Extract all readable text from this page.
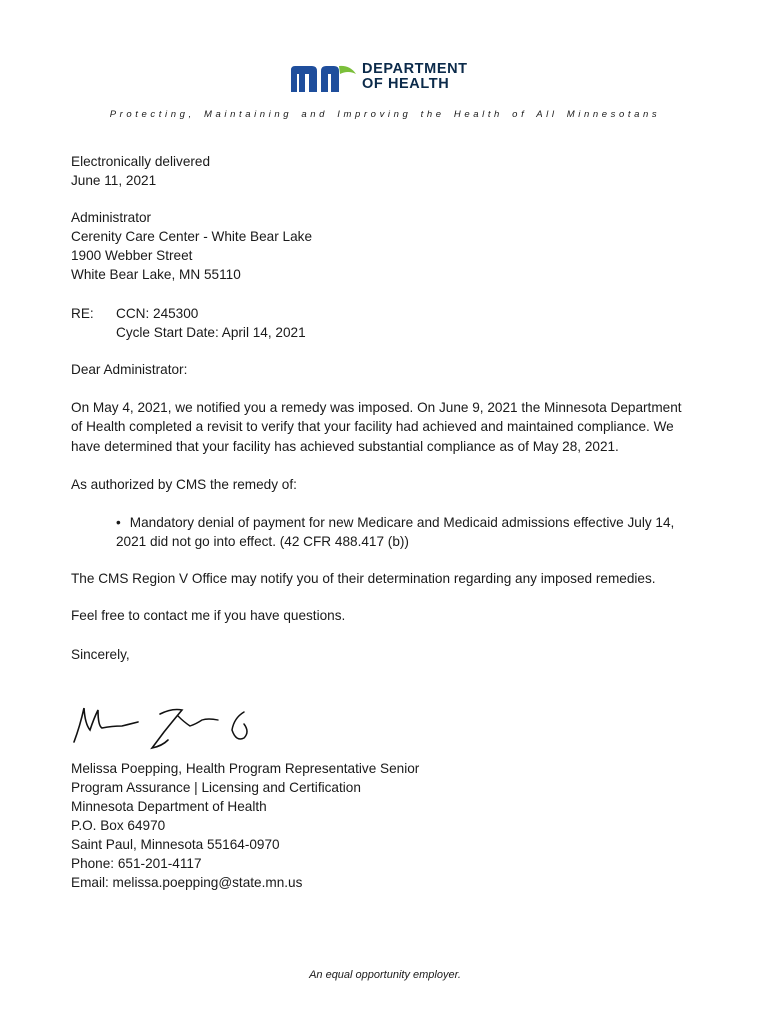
DEPARTMENT
OF HEALTH
Protecting, Maintaining and Improving the Health of All Minnesotans
Electronically delivered
June 11, 2021
Administrator
Cerenity Care Center - White Bear Lake
1900 Webber Street
White Bear Lake, MN 55110
RE: CCN: 245300
Cycle Start Date: April 14, 2021
Dear Administrator:
On May 4, 2021, we notified you a remedy was imposed. On June 9, 2021 the Minnesota Department
of Health completed a revisit to verify that your facility had achieved and maintained compliance. We
have determined that your facility has achieved substantial compliance as of May 28, 2021.
As authorized by CMS the remedy of:
• Mandatory denial of payment for new Medicare and Medicaid admissions effective July 14,
2021 did not go into effect. (42 CFR 488.417 (b))
The CMS Region V Office may notify you of their determination regarding any imposed remedies.
Feel free to contact me if you have questions.
Sincerely,
Melissa Poepping, Health Program Representative Senior
Program Assurance | Licensing and Certification
Minnesota Department of Health
P.O. Box 64970
Saint Paul, Minnesota 55164-0970
Phone: 651-201-4117
Email: melissa.poepping@state.mn.us
An equal opportunity employer.
